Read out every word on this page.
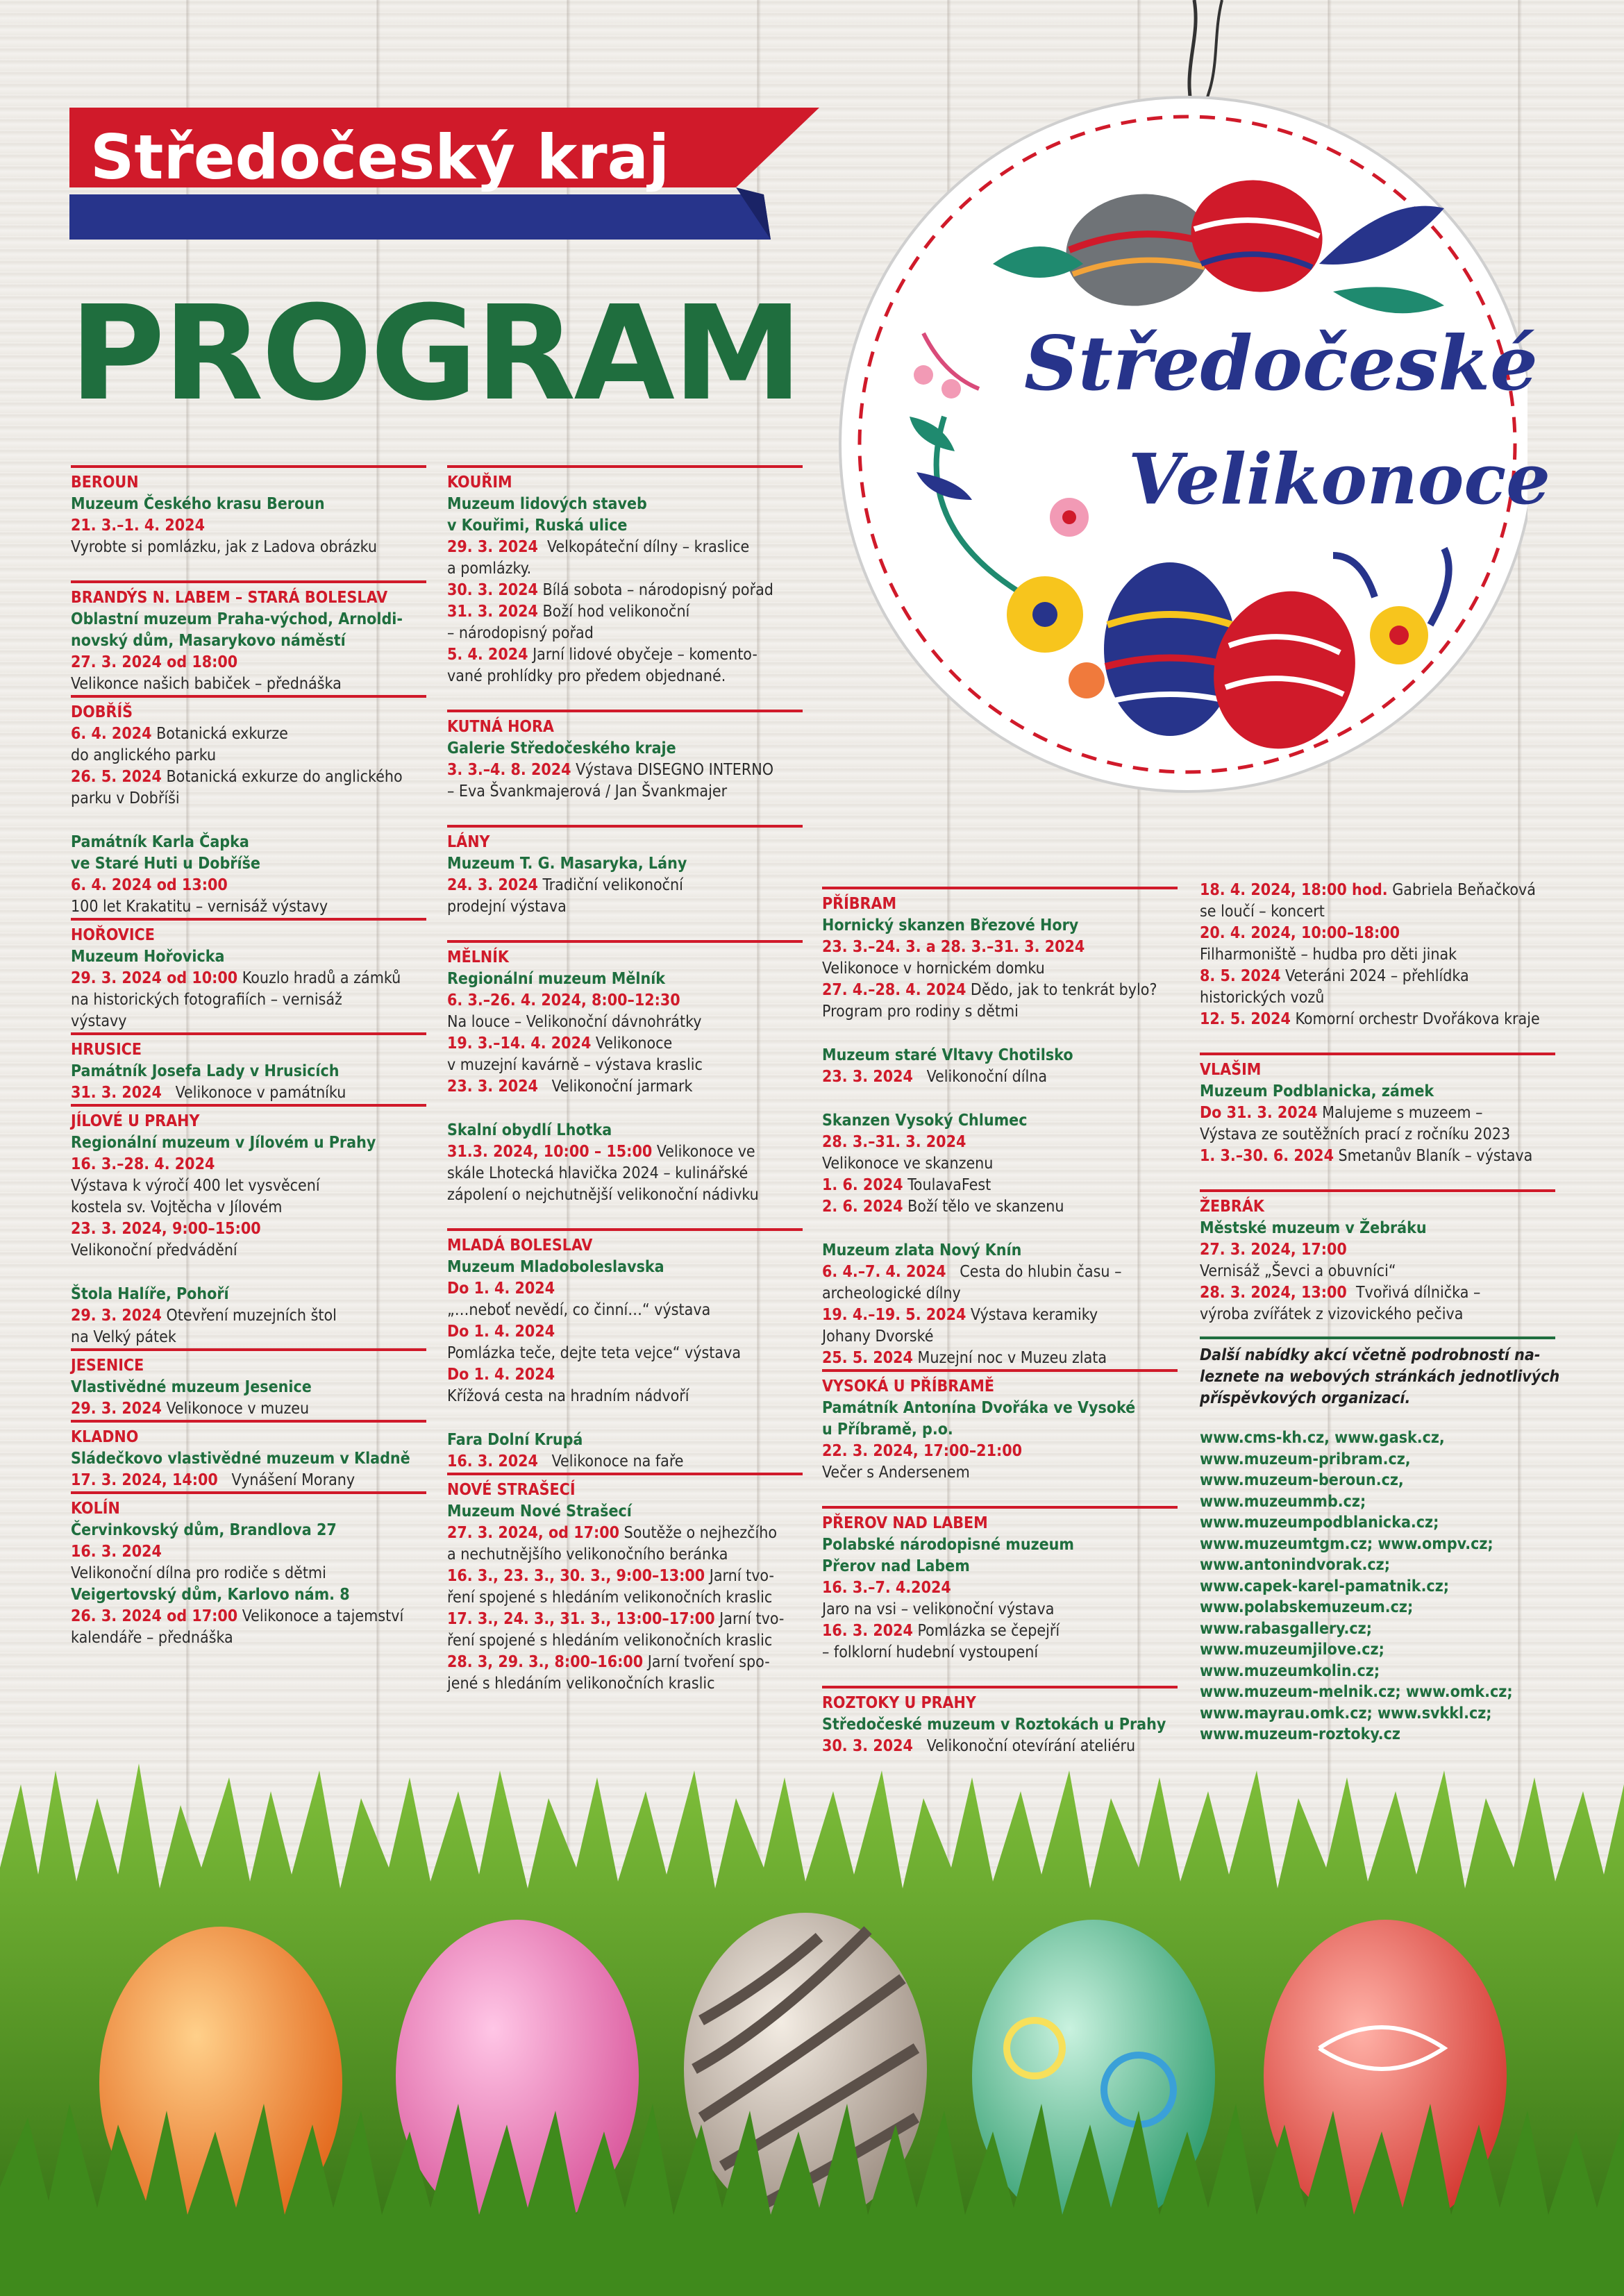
Středočeský kraj
PROGRAM	Středočeské
Velikonoce
BEROUN
Muzeum Českého krasu Beroun
21. 3.–1. 4. 2024
Vyrobte si pomlázku, jak z Ladova obrázku
BRANDÝS N. LABEM – STARÁ BOLESLAV
Oblastní muzeum Praha-východ, Arnoldi-
novský dům, Masarykovo náměstí
27. 3. 2024 od 18:00
Velikonce našich babiček – přednáška
DOBŘÍŠ
6. 4. 2024 Botanická exkurze
do anglického parku
26. 5. 2024 Botanická exkurze do anglického
parku v Dobříši
Památník Karla Čapka
ve Staré Huti u Dobříše
6. 4. 2024 od 13:00
100 let Krakatitu – vernisáž výstavy
HOŘOVICE
Muzeum Hořovicka
29. 3. 2024 od 10:00 Kouzlo hradů a zámků
na historických fotografiích – vernisáž
výstavy
HRUSICE
Památník Josefa Lady v Hrusicích
31. 3. 2024   Velikonoce v památníku
JÍLOVÉ U PRAHY
Regionální muzeum v Jílovém u Prahy
16. 3.–28. 4. 2024
Výstava k výročí 400 let vysvěcení
kostela sv. Vojtěcha v Jílovém
23. 3. 2024, 9:00–15:00
Velikonoční předvádění
Štola Halíře, Pohoří
29. 3. 2024 Otevření muzejních štol
na Velký pátek
JESENICE
Vlastivědné muzeum Jesenice
29. 3. 2024 Velikonoce v muzeu
KLADNO
Sládečkovo vlastivědné muzeum v Kladně
17. 3. 2024, 14:00   Vynášení Morany
KOLÍN
Červinkovský dům, Brandlova 27
16. 3. 2024
Velikonoční dílna pro rodiče s dětmi
Veigertovský dům, Karlovo nám. 8
26. 3. 2024 od 17:00 Velikonoce a tajemství
kalendáře – přednáška
KOUŘIM
Muzeum lidových staveb
v Kouřimi, Ruská ulice
29. 3. 2024  Velkopáteční dílny – kraslice
a pomlázky.
30. 3. 2024 Bílá sobota – národopisný pořad
31. 3. 2024 Boží hod velikonoční
– národopisný pořad
5. 4. 2024 Jarní lidové obyčeje – komento-
vané prohlídky pro předem objednané.
KUTNÁ HORA
Galerie Středočeského kraje
3. 3.–4. 8. 2024 Výstava DISEGNO INTERNO
– Eva Švankmajerová / Jan Švankmajer
LÁNY
Muzeum T. G. Masaryka, Lány
24. 3. 2024 Tradiční velikonoční
prodejní výstava
MĚLNÍK
Regionální muzeum Mělník
6. 3.–26. 4. 2024, 8:00–12:30
Na louce – Velikonoční dávnohrátky
19. 3.–14. 4. 2024 Velikonoce
v muzejní kavárně – výstava kraslic
23. 3. 2024   Velikonoční jarmark
Skalní obydlí Lhotka
31.3. 2024, 10:00 – 15:00 Velikonoce ve
skále Lhotecká hlavička 2024 – kulinářské
zápolení o nejchutnější velikonoční nádivku
MLADÁ BOLESLAV
Muzeum Mladoboleslavska
Do 1. 4. 2024
„…neboť nevědí, co činní…“ výstava
Do 1. 4. 2024
Pomlázka teče, dejte teta vejce“ výstava
Do 1. 4. 2024
Křížová cesta na hradním nádvoří
Fara Dolní Krupá
16. 3. 2024   Velikonoce na faře
NOVÉ STRAŠECÍ
Muzeum Nové Strašecí
27. 3. 2024, od 17:00 Soutěže o nejhezčího
a nechutnějšího velikonočního beránka
16. 3., 23. 3., 30. 3., 9:00–13:00 Jarní tvo-
ření spojené s hledáním velikonočních kraslic
17. 3., 24. 3., 31. 3., 13:00–17:00 Jarní tvo-
ření spojené s hledáním velikonočních kraslic
28. 3, 29. 3., 8:00–16:00 Jarní tvoření spo-
jené s hledáním velikonočních kraslic
PŘÍBRAM
Hornický skanzen Březové Hory
23. 3.–24. 3. a 28. 3.–31. 3. 2024
Velikonoce v hornickém domku
27. 4.–28. 4. 2024 Dědo, jak to tenkrát bylo?
Program pro rodiny s dětmi
Muzeum staré Vltavy Chotilsko
23. 3. 2024   Velikonoční dílna
Skanzen Vysoký Chlumec
28. 3.–31. 3. 2024
Velikonoce ve skanzenu
1. 6. 2024 ToulavaFest
2. 6. 2024 Boží tělo ve skanzenu
Muzeum zlata Nový Knín
6. 4.–7. 4. 2024   Cesta do hlubin času –
archeologické dílny
19. 4.–19. 5. 2024 Výstava keramiky
Johany Dvorské
25. 5. 2024 Muzejní noc v Muzeu zlata
VYSOKÁ U PŘÍBRAMĚ
Památník Antonína Dvořáka ve Vysoké
u Příbramě, p.o.
22. 3. 2024, 17:00–21:00
Večer s Andersenem
PŘEROV NAD LABEM
Polabské národopisné muzeum
Přerov nad Labem
16. 3.–7. 4.2024
Jaro na vsi – velikonoční výstava
16. 3. 2024 Pomlázka se čepejří
– folklorní hudební vystoupení
ROZTOKY U PRAHY
Středočeské muzeum v Roztokách u Prahy
30. 3. 2024   Velikonoční otevírání ateliéru
18. 4. 2024, 18:00 hod. Gabriela Beňačková
se loučí – koncert
20. 4. 2024, 10:00–18:00
Filharmoniště – hudba pro děti jinak
8. 5. 2024 Veteráni 2024 – přehlídka
historických vozů
12. 5. 2024 Komorní orchestr Dvořákova kraje
VLAŠIM
Muzeum Podblanicka, zámek
Do 31. 3. 2024 Malujeme s muzeem –
Výstava ze soutěžních prací z ročníku 2023
1. 3.–30. 6. 2024 Smetanův Blaník – výstava
ŽEBRÁK
Městské muzeum v Žebráku
27. 3. 2024, 17:00
Vernisáž „Ševci a obuvníci“
28. 3. 2024, 13:00  Tvořivá dílnička –
výroba zvířátek z vizovického pečiva
Další nabídky akcí včetně podrobností na-
leznete na webových stránkách jednotlivých
příspěvkových organizací.
www.cms-kh.cz, www.gask.cz,
www.muzeum-pribram.cz,
www.muzeum-beroun.cz,
www.muzeummb.cz;
www.muzeumpodblanicka.cz;
www.muzeumtgm.cz; www.ompv.cz;
www.antonindvorak.cz;
www.capek-karel-pamatnik.cz;
www.polabskemuzeum.cz;
www.rabasgallery.cz;
www.muzeumjilove.cz;
www.muzeumkolin.cz;
www.muzeum-melnik.cz; www.omk.cz;
www.mayrau.omk.cz; www.svkkl.cz;
www.muzeum-roztoky.cz
